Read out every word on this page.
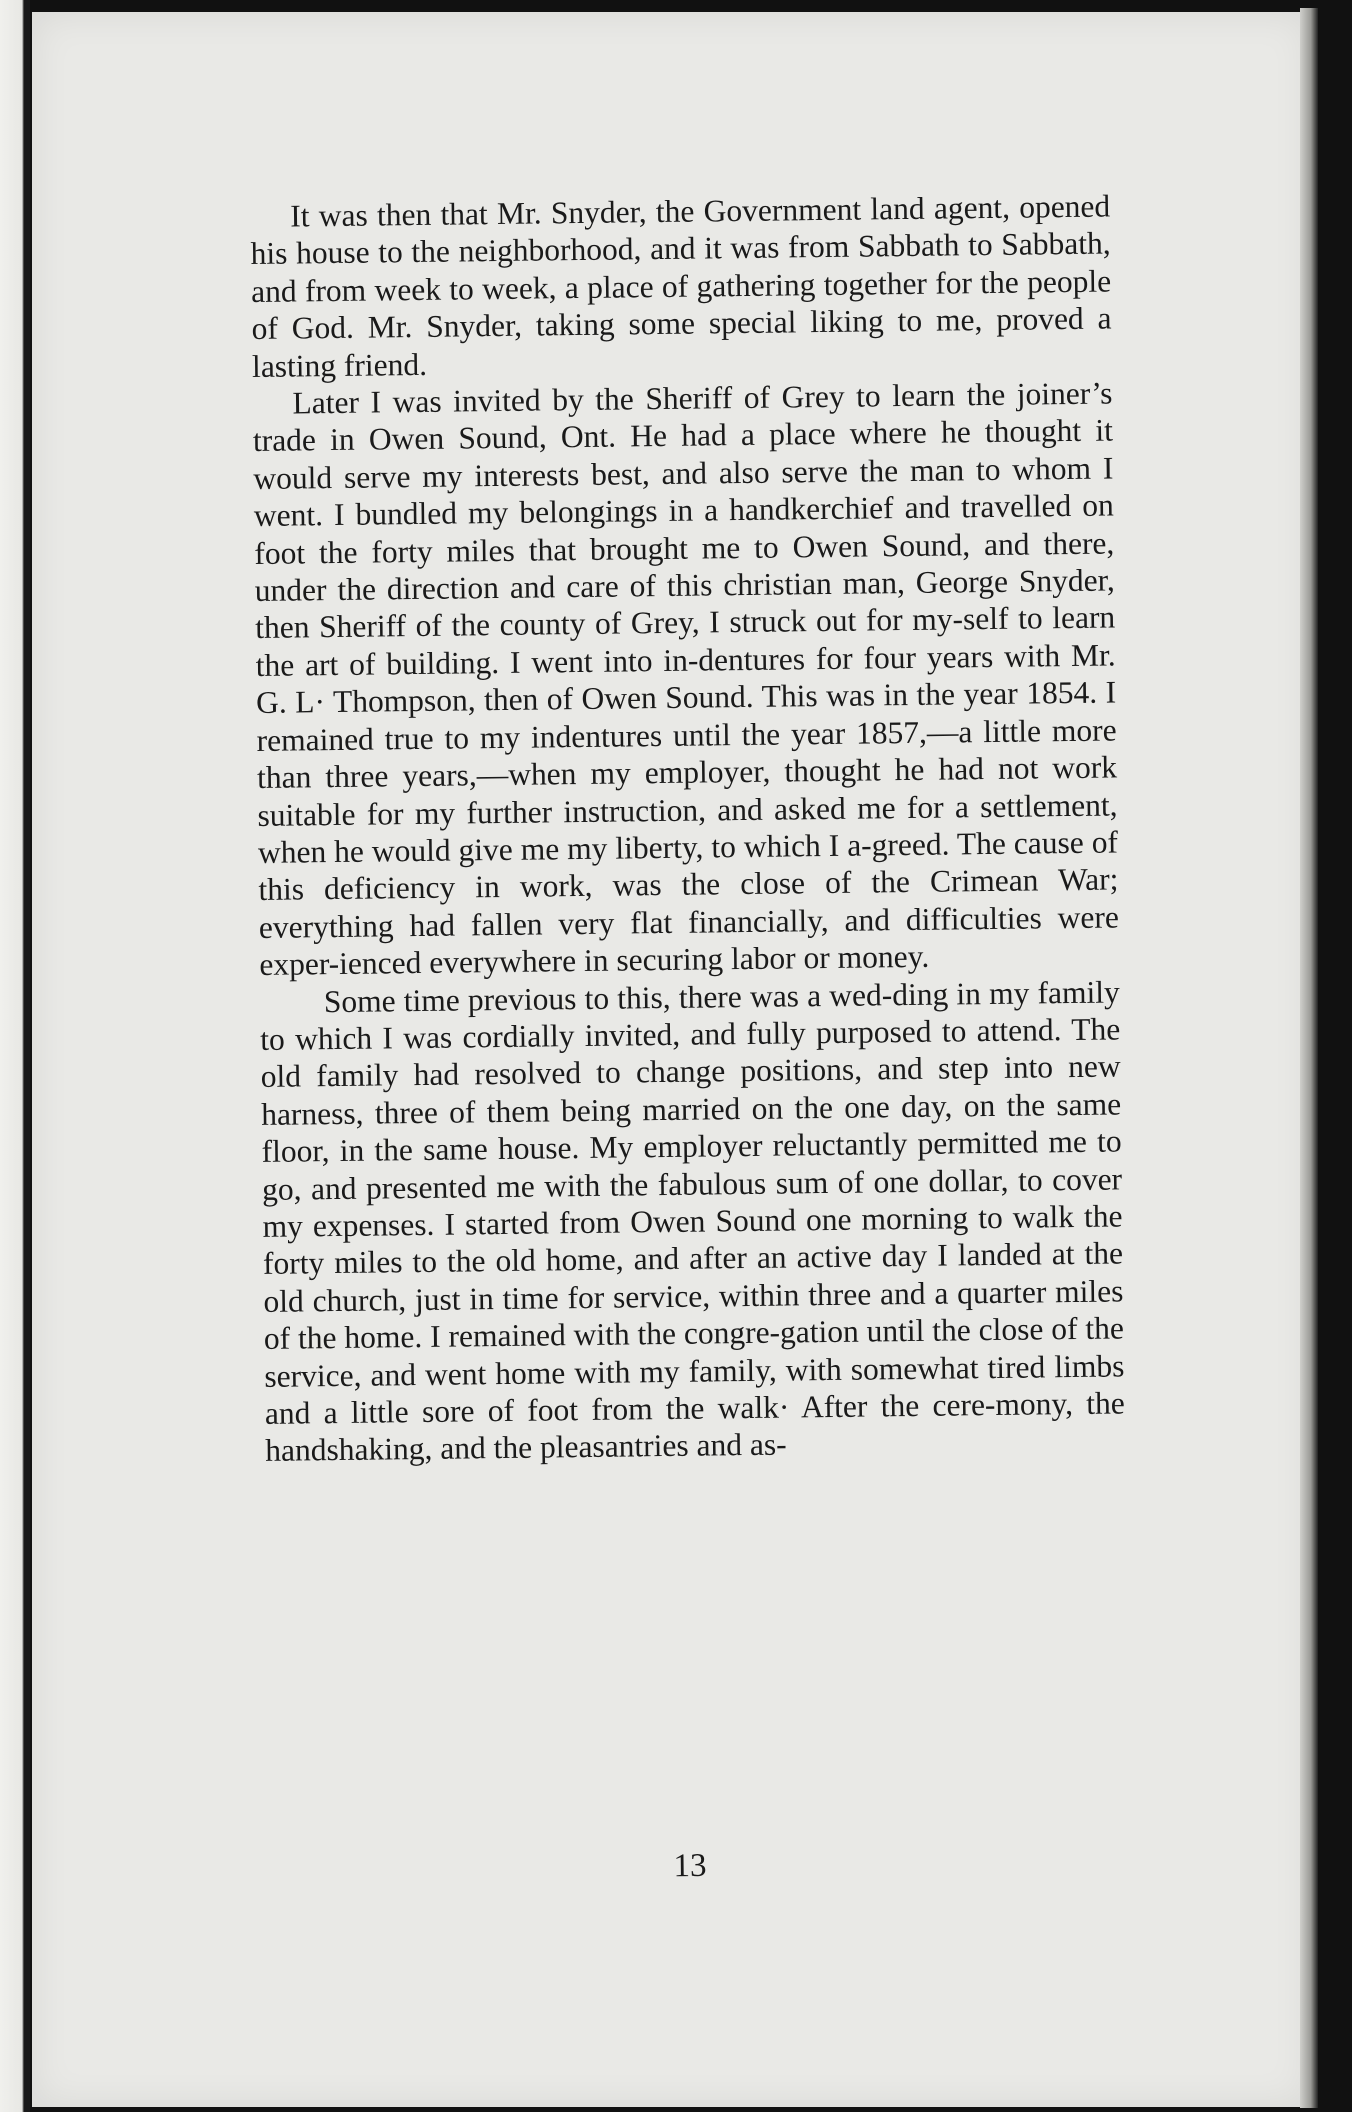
It was then that Mr. Snyder, the Government land agent, opened his house to the neighborhood, and it was from Sabbath to Sabbath, and from week to week, a place of gathering together for the people of God. Mr. Snyder, taking some special liking to me, proved a lasting friend.

Later I was invited by the Sheriff of Grey to learn the joiner’s trade in Owen Sound, Ont. He had a place where he thought it would serve my interests best, and also serve the man to whom I went. I bundled my belongings in a handkerchief and travelled on foot the forty miles that brought me to Owen Sound, and there, under the direction and care of this christian man, George Snyder, then Sheriff of the county of Grey, I struck out for my-self to learn the art of building. I went into in-dentures for four years with Mr. G. L· Thompson, then of Owen Sound. This was in the year 1854. I remained true to my indentures until the year 1857,—a little more than three years,—when my employer, thought he had not work suitable for my further instruction, and asked me for a settlement, when he would give me my liberty, to which I a-greed. The cause of this deficiency in work, was the close of the Crimean War; everything had fallen very flat financially, and difficulties were exper-ienced everywhere in securing labor or money.

Some time previous to this, there was a wed-ding in my family to which I was cordially invited, and fully purposed to attend. The old family had resolved to change positions, and step into new harness, three of them being married on the one day, on the same floor, in the same house. My employer reluctantly permitted me to go, and presented me with the fabulous sum of one dollar, to cover my expenses. I started from Owen Sound one morning to walk the forty miles to the old home, and after an active day I landed at the old church, just in time for service, within three and a quarter miles of the home. I remained with the congre-gation until the close of the service, and went home with my family, with somewhat tired limbs and a little sore of foot from the walk· After the cere-mony, the handshaking, and the pleasantries and as-

13
